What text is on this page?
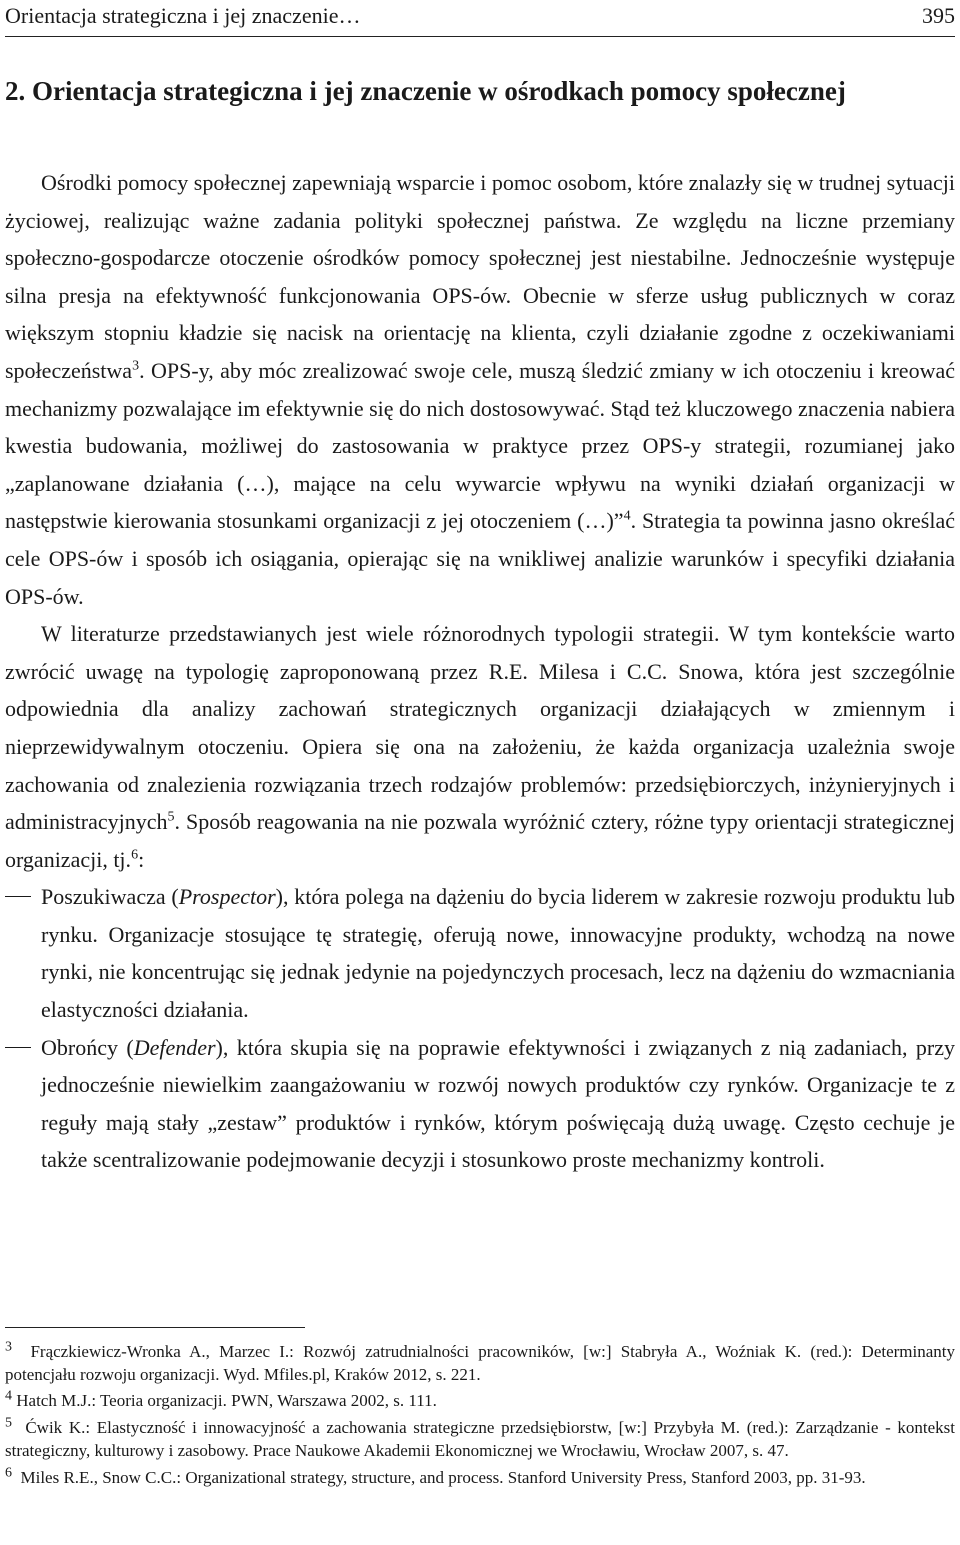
Orientacja strategiczna i jej znaczenie…	395
2. Orientacja strategiczna i jej znaczenie w ośrodkach pomocy społecznej

Ośrodki pomocy społecznej zapewniają wsparcie i pomoc osobom, które znalazły się w trudnej sytuacji życiowej, realizując ważne zadania polityki społecznej państwa. Ze względu na liczne przemiany społeczno-gospodarcze otoczenie ośrodków pomocy społecznej jest niestabilne. Jednocześnie występuje silna presja na efektywność funkcjonowania OPS-ów. Obecnie w sferze usług publicznych w coraz większym stopniu kładzie się nacisk na orientację na klienta, czyli działanie zgodne z oczekiwaniami społeczeństwa$^3$. OPS-y, aby móc zrealizować swoje cele, muszą śledzić zmiany w ich otoczeniu i kreować mechanizmy pozwalające im efektywnie się do nich dostosowywać. Stąd też kluczowego znaczenia nabiera kwestia budowania, możliwej do zastosowania w praktyce przez OPS-y strategii, rozumianej jako „zaplanowane działania (…), mające na celu wywarcie wpływu na wyniki działań organizacji w następstwie kierowania stosunkami organizacji z jej otoczeniem (…)”$^4$. Strategia ta powinna jasno określać cele OPS-ów i sposób ich osiągania, opierając się na wnikliwej analizie warunków i specyfiki działania OPS-ów.

W literaturze przedstawianych jest wiele różnorodnych typologii strategii. W tym kontekście warto zwrócić uwagę na typologię zaproponowaną przez R.E. Milesa i C.C. Snowa, która jest szczególnie odpowiednia dla analizy zachowań strategicznych organizacji działających w zmiennym i nieprzewidywalnym otoczeniu. Opiera się ona na założeniu, że każda organizacja uzależnia swoje zachowania od znalezienia rozwiązania trzech rodzajów problemów: przedsiębiorczych, inżynieryjnych i administracyjnych$^5$. Sposób reagowania na nie pozwala wyróżnić cztery, różne typy orientacji strategicznej organizacji, tj.$^6$:

Poszukiwacza (Prospector), która polega na dążeniu do bycia liderem w zakresie rozwoju produktu lub rynku. Organizacje stosujące tę strategię, oferują nowe, innowacyjne produkty, wchodzą na nowe rynki, nie koncentrując się jednak jedynie na pojedynczych procesach, lecz na dążeniu do wzmacniania elastyczności działania.
Obrońcy (Defender), która skupia się na poprawie efektywności i związanych z nią zadaniach, przy jednocześnie niewielkim zaangażowaniu w rozwój nowych produktów czy rynków. Organizacje te z reguły mają stały „zestaw” produktów i rynków, którym poświęcają dużą uwagę. Często cechuje je także scentralizowanie podejmowanie decyzji i stosunkowo proste mechanizmy kontroli.

$^3$ Frączkiewicz-Wronka A., Marzec I.: Rozwój zatrudnialności pracowników, [w:] Stabryła A., Woźniak K. (red.): Determinanty potencjału rozwoju organizacji. Wyd. Mfiles.pl, Kraków 2012, s. 221.

$^4$ Hatch M.J.: Teoria organizacji. PWN, Warszawa 2002, s. 111.

$^5$ Ćwik K.: Elastyczność i innowacyjność a zachowania strategiczne przedsiębiorstw, [w:] Przybyła M. (red.): Zarządzanie - kontekst strategiczny, kulturowy i zasobowy. Prace Naukowe Akademii Ekonomicznej we Wrocławiu, Wrocław 2007, s. 47.

$^6$ Miles R.E., Snow C.C.: Organizational strategy, structure, and process. Stanford University Press, Stanford 2003, pp. 31-93.
